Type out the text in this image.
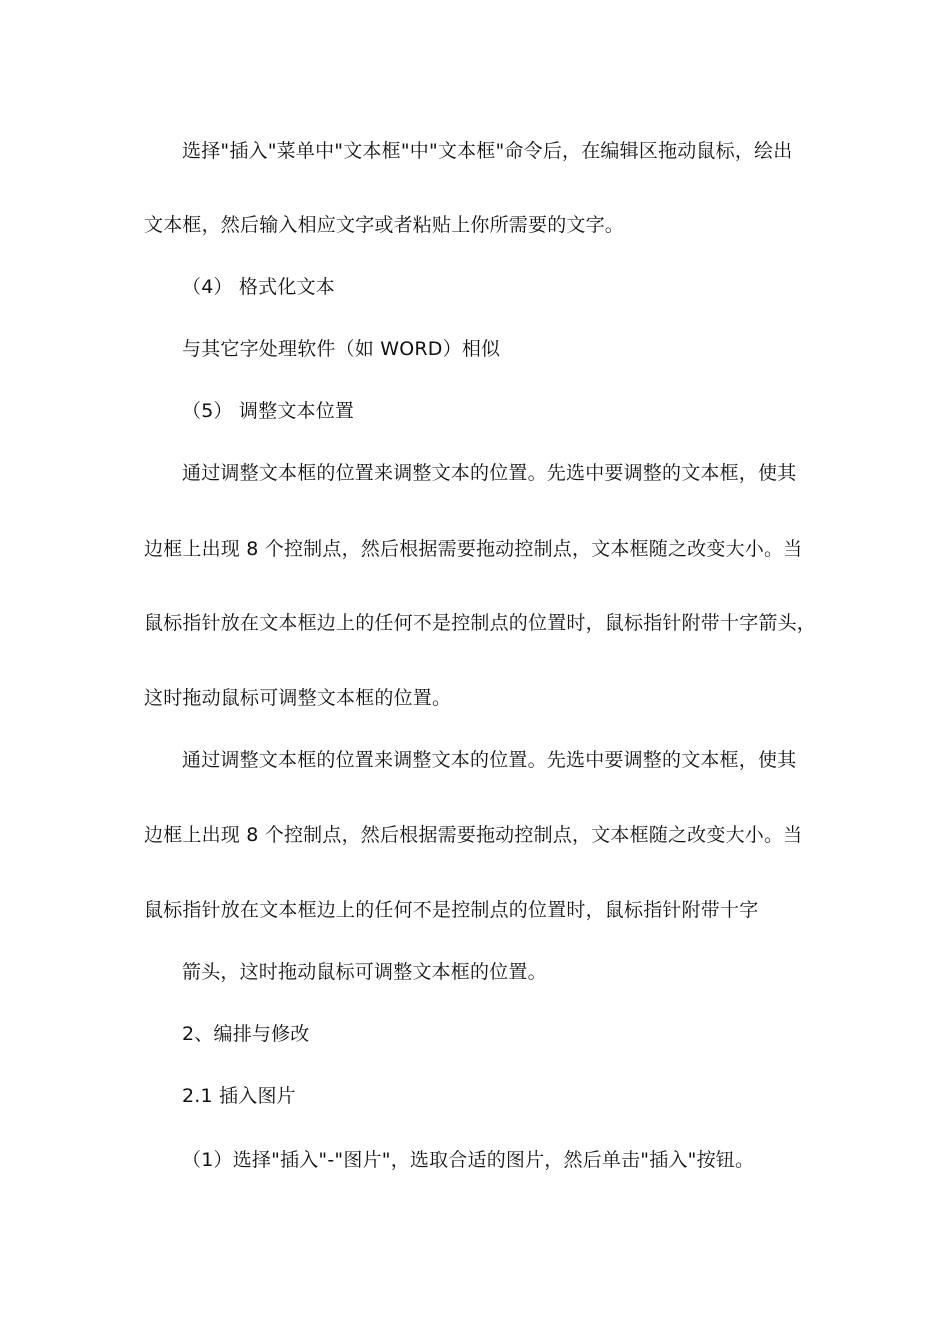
选择"插入"菜单中"文本框"中"文本框"命令后，在编辑区拖动鼠标，绘出
文本框，然后输入相应文字或者粘贴上你所需要的文字。
（4） 格式化文本
与其它字处理软件（如 WORD）相似
（5） 调整文本位置
通过调整文本框的位置来调整文本的位置。先选中要调整的文本框，使其
边框上出现 8 个控制点，然后根据需要拖动控制点，文本框随之改变大小。当
鼠标指针放在文本框边上的任何不是控制点的位置时，鼠标指针附带十字箭头，
这时拖动鼠标可调整文本框的位置。
通过调整文本框的位置来调整文本的位置。先选中要调整的文本框，使其
边框上出现 8 个控制点，然后根据需要拖动控制点，文本框随之改变大小。当
鼠标指针放在文本框边上的任何不是控制点的位置时，鼠标指针附带十字
箭头，这时拖动鼠标可调整文本框的位置。
2、编排与修改
2.1 插入图片
（1）选择"插入"-"图片"，选取合适的图片，然后单击"插入"按钮。
